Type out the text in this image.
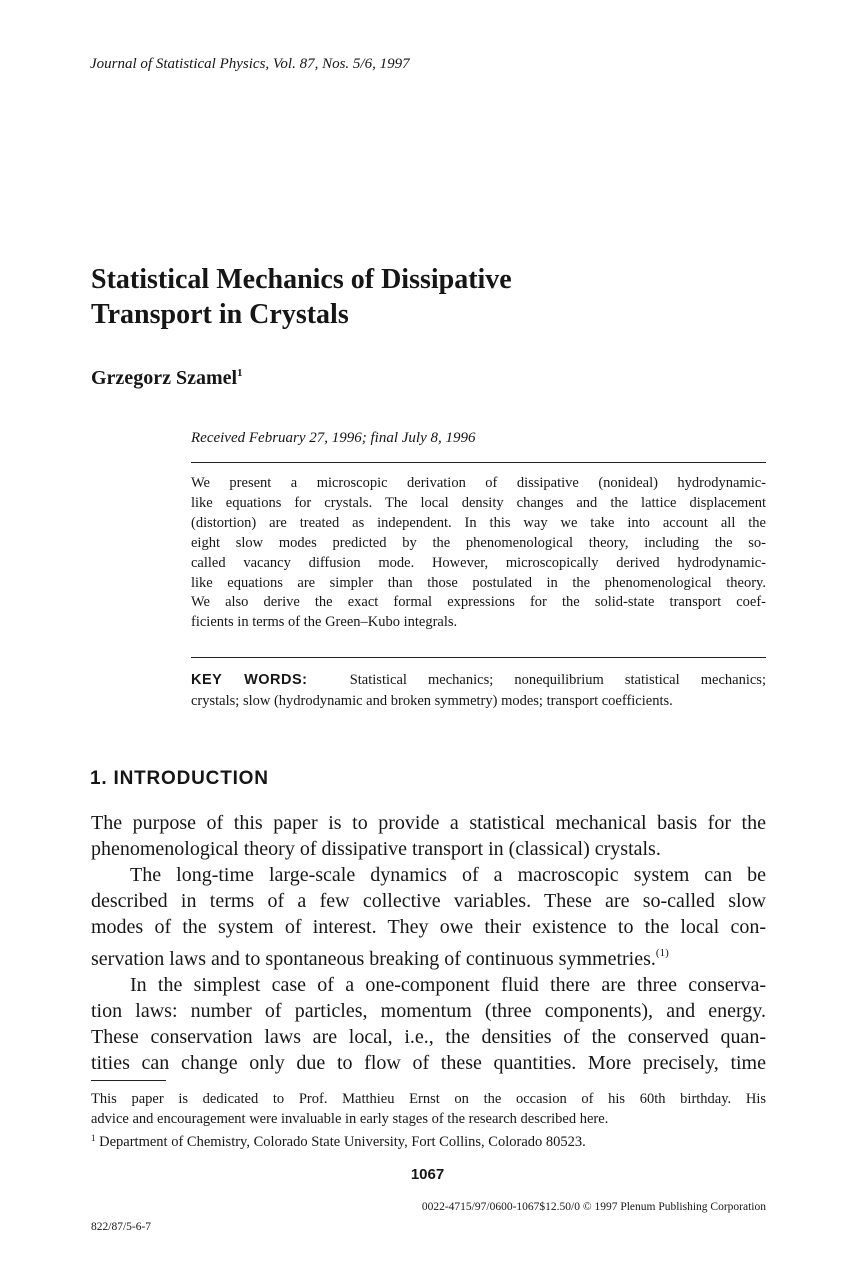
Journal of Statistical Physics, Vol. 87, Nos. 5/6, 1997
Statistical Mechanics of Dissipative
Transport in Crystals
Grzegorz Szamel$^1$
Received February 27, 1996; final July 8, 1996
We present a microscopic derivation of dissipative (nonideal) hydrodynamic-
like equations for crystals. The local density changes and the lattice displacement
(distortion) are treated as independent. In this way we take into account all the
eight slow modes predicted by the phenomenological theory, including the so-
called vacancy diffusion mode. However, microscopically derived hydrodynamic-
like equations are simpler than those postulated in the phenomenological theory.
We also derive the exact formal expressions for the solid-state transport coef-
ficients in terms of the Green–Kubo integrals.
KEY WORDS:	Statistical mechanics; nonequilibrium statistical mechanics;
crystals; slow (hydrodynamic and broken symmetry) modes; transport coefficients.
1. INTRODUCTION
The purpose of this paper is to provide a statistical mechanical basis for the
phenomenological theory of dissipative transport in (classical) crystals.
The long-time large-scale dynamics of a macroscopic system can be
described in terms of a few collective variables. These are so-called slow
modes of the system of interest. They owe their existence to the local con-
servation laws and to spontaneous breaking of continuous symmetries.$^{(1)}$
In the simplest case of a one-component fluid there are three conserva-
tion laws: number of particles, momentum (three components), and energy.
These conservation laws are local, i.e., the densities of the conserved quan-
tities can change only due to flow of these quantities. More precisely, time
This paper is dedicated to Prof. Matthieu Ernst on the occasion of his 60th birthday. His
advice and encouragement were invaluable in early stages of the research described here.
$^1$ Department of Chemistry, Colorado State University, Fort Collins, Colorado 80523.
1067
0022-4715/97/0600-1067$12.50/0 © 1997 Plenum Publishing Corporation
822/87/5-6-7
